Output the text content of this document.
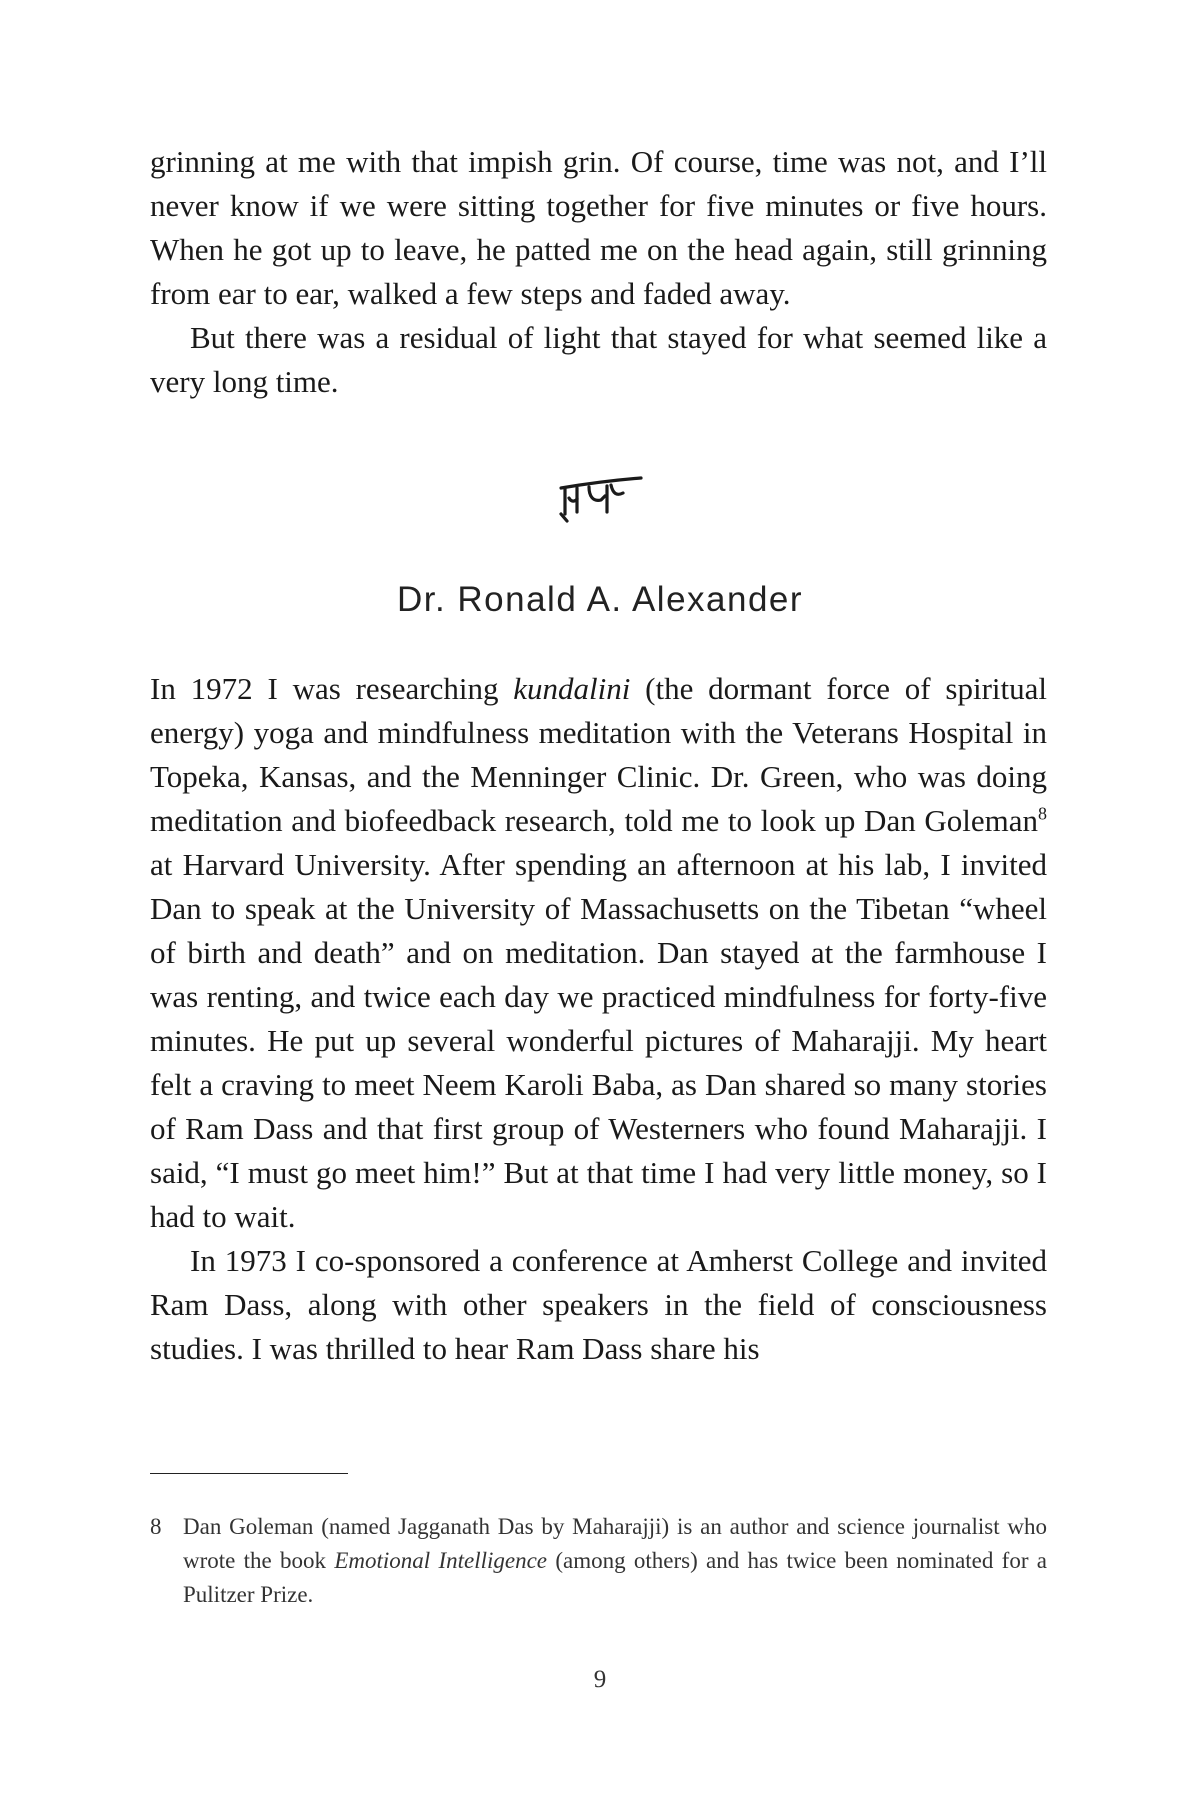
grinning at me with that impish grin. Of course, time was not, and I’ll never know if we were sitting together for five minutes or five hours. When he got up to leave, he patted me on the head again, still grinning from ear to ear, walked a few steps and faded away.

But there was a residual of light that stayed for what seemed like a very long time.

Dr. Ronald A. Alexander

In 1972 I was researching kundalini (the dormant force of spiritual energy) yoga and mindfulness meditation with the Veterans Hospital in Topeka, Kansas, and the Menninger Clinic. Dr. Green, who was doing meditation and biofeedback research, told me to look up Dan Goleman$^8$ at Harvard University. After spending an afternoon at his lab, I invited Dan to speak at the University of Massachusetts on the Tibetan “wheel of birth and death” and on meditation. Dan stayed at the farmhouse I was renting, and twice each day we practiced mindfulness for forty-five minutes. He put up several wonderful pictures of Maharajji. My heart felt a craving to meet Neem Karoli Baba, as Dan shared so many stories of Ram Dass and that first group of Westerners who found Maharajji. I said, “I must go meet him!” But at that time I had very little money, so I had to wait.

In 1973 I co-sponsored a conference at Amherst College and invited Ram Dass, along with other speakers in the field of consciousness studies. I was thrilled to hear Ram Dass share his

8 Dan Goleman (named Jagganath Das by Maharajji) is an author and science journalist who wrote the book Emotional Intelligence (among others) and has twice been nominated for a Pulitzer Prize.
9
